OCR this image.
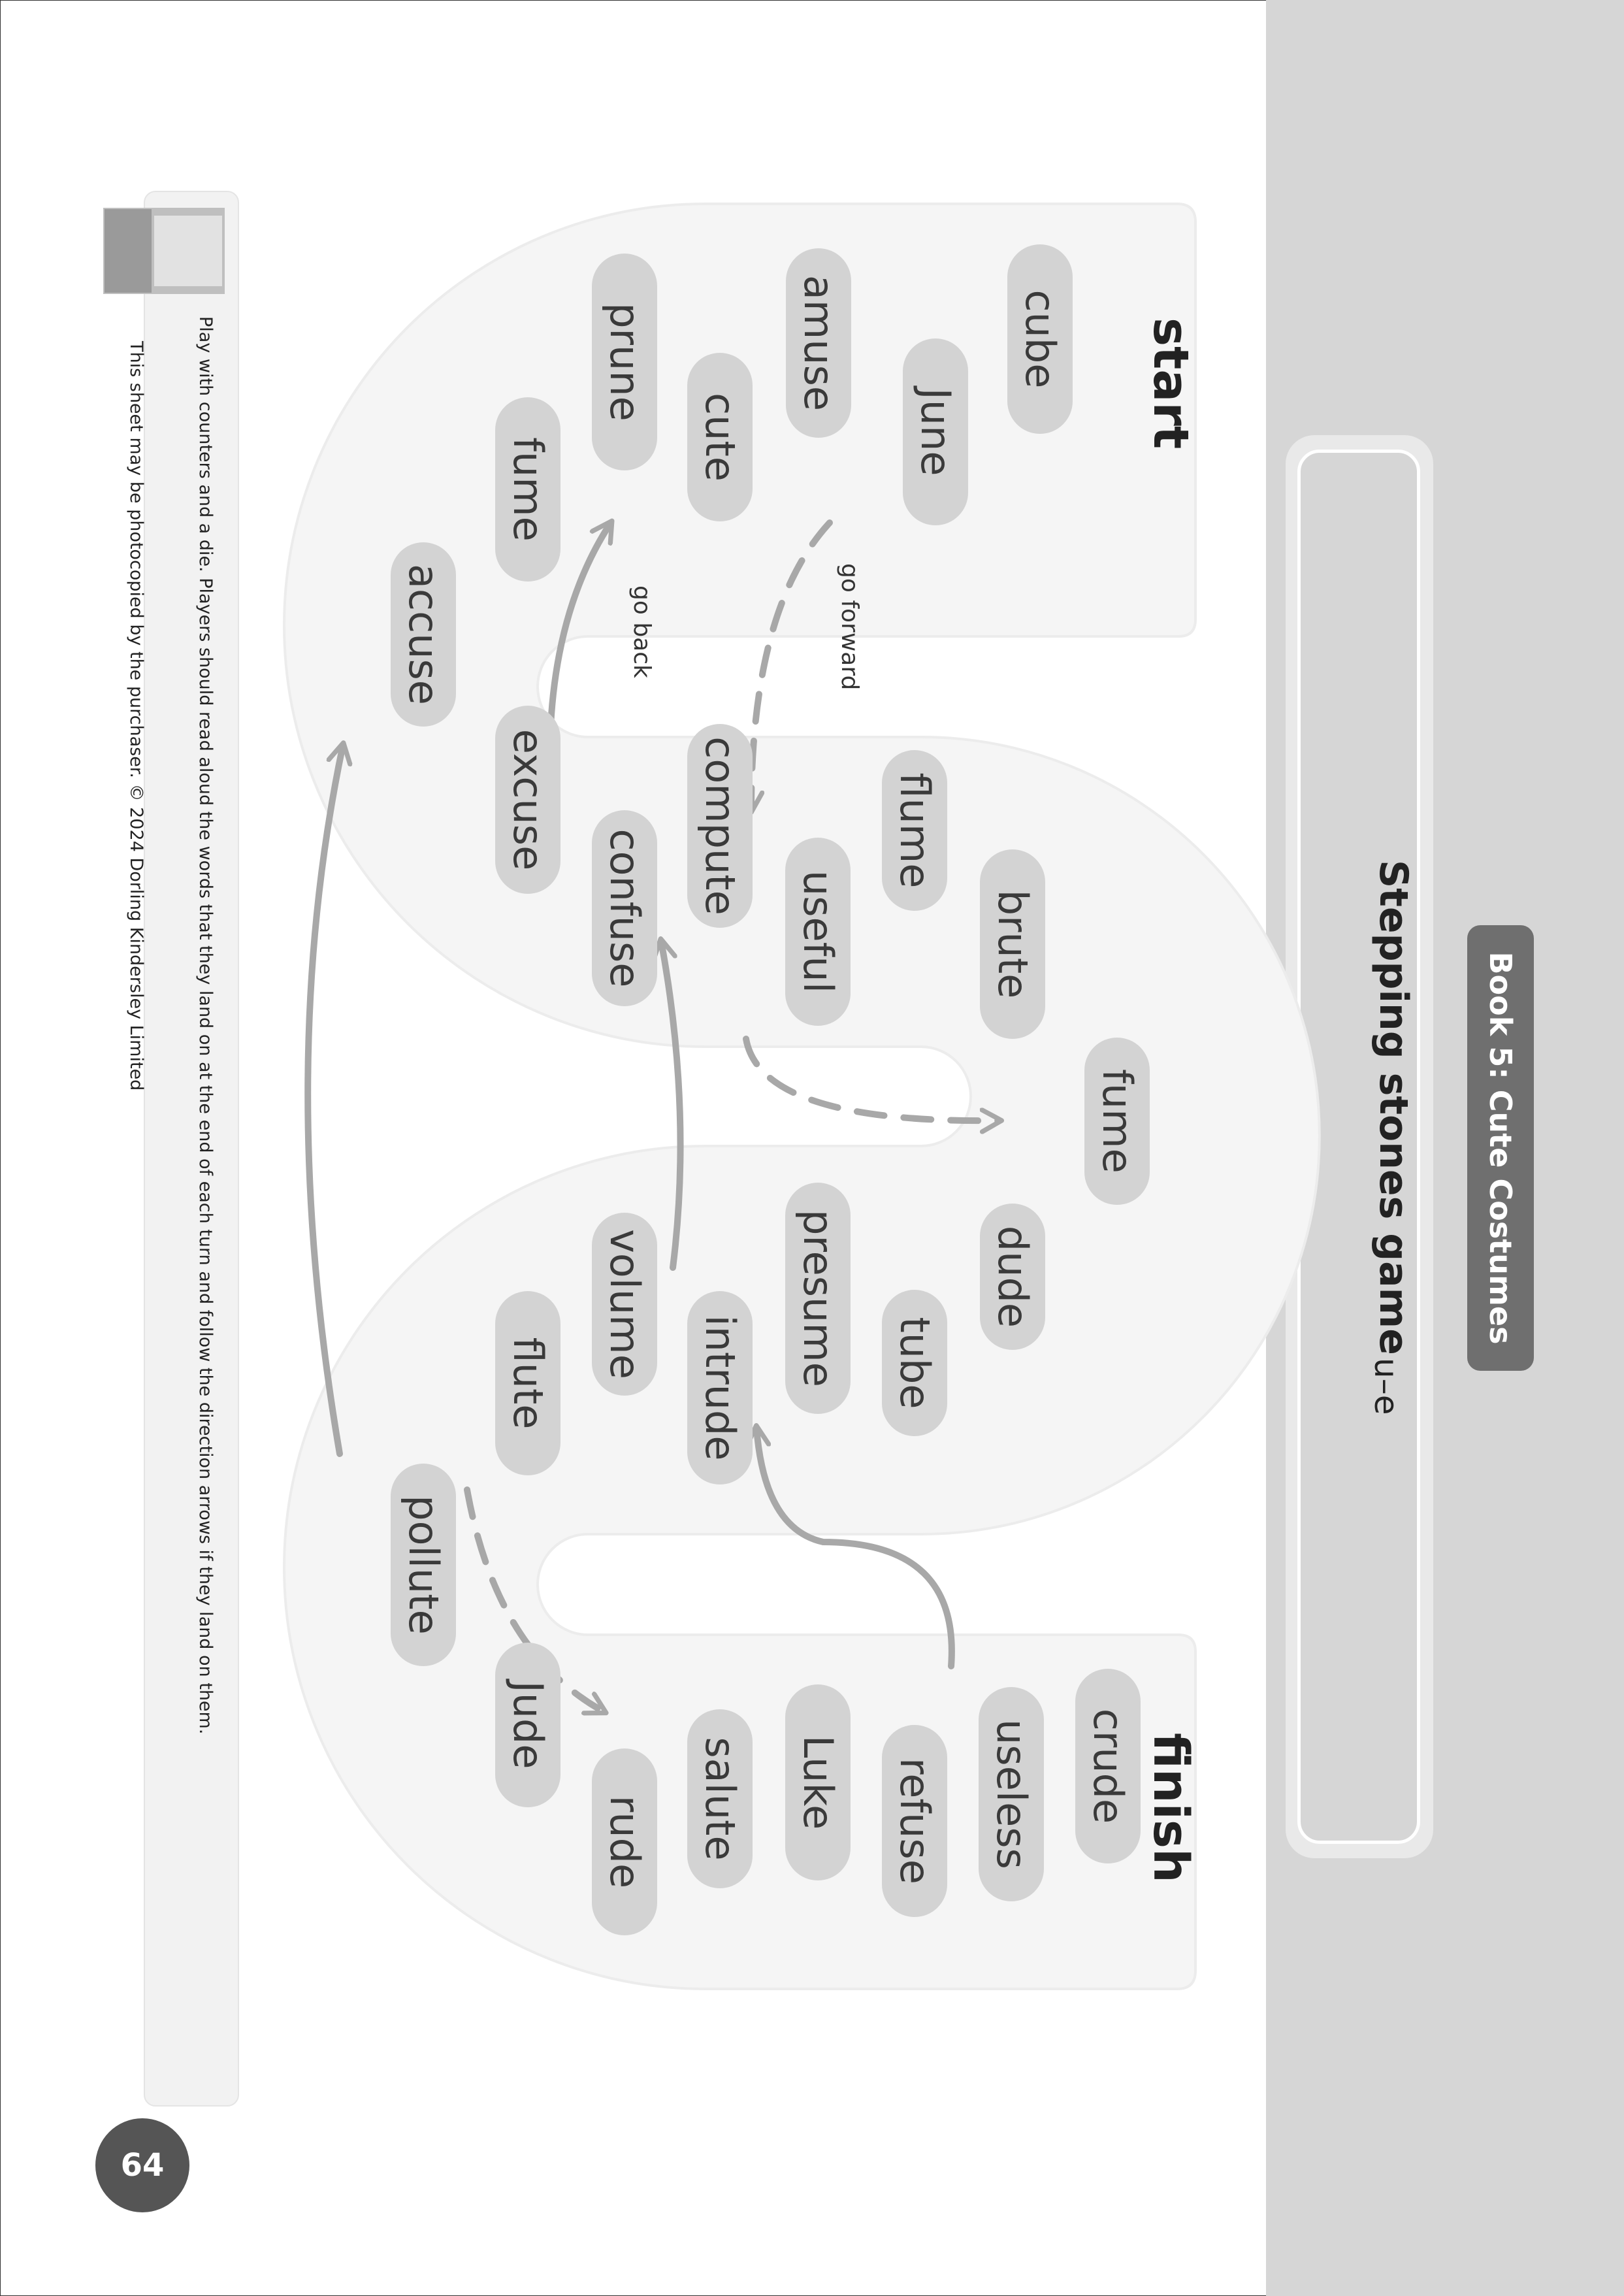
Book 5: Cute Costumes
Stepping stones game
u–e
start
finish
cube
June
amuse
cute
prune
fume
accuse
excuse
confuse compute	flume
useful	brute
fume
dude
presume tube
volume
intrude
flute
pollute
crude
useless
refuse
Luke
salute
rude
Jude
go forward
go back
Play with counters and a die. Players should read aloud the words that they land on at the end of each turn and follow the direction arrows if they land on them.
This sheet may be photocopied by the purchaser. © 2024 Dorling Kindersley Limited
64
